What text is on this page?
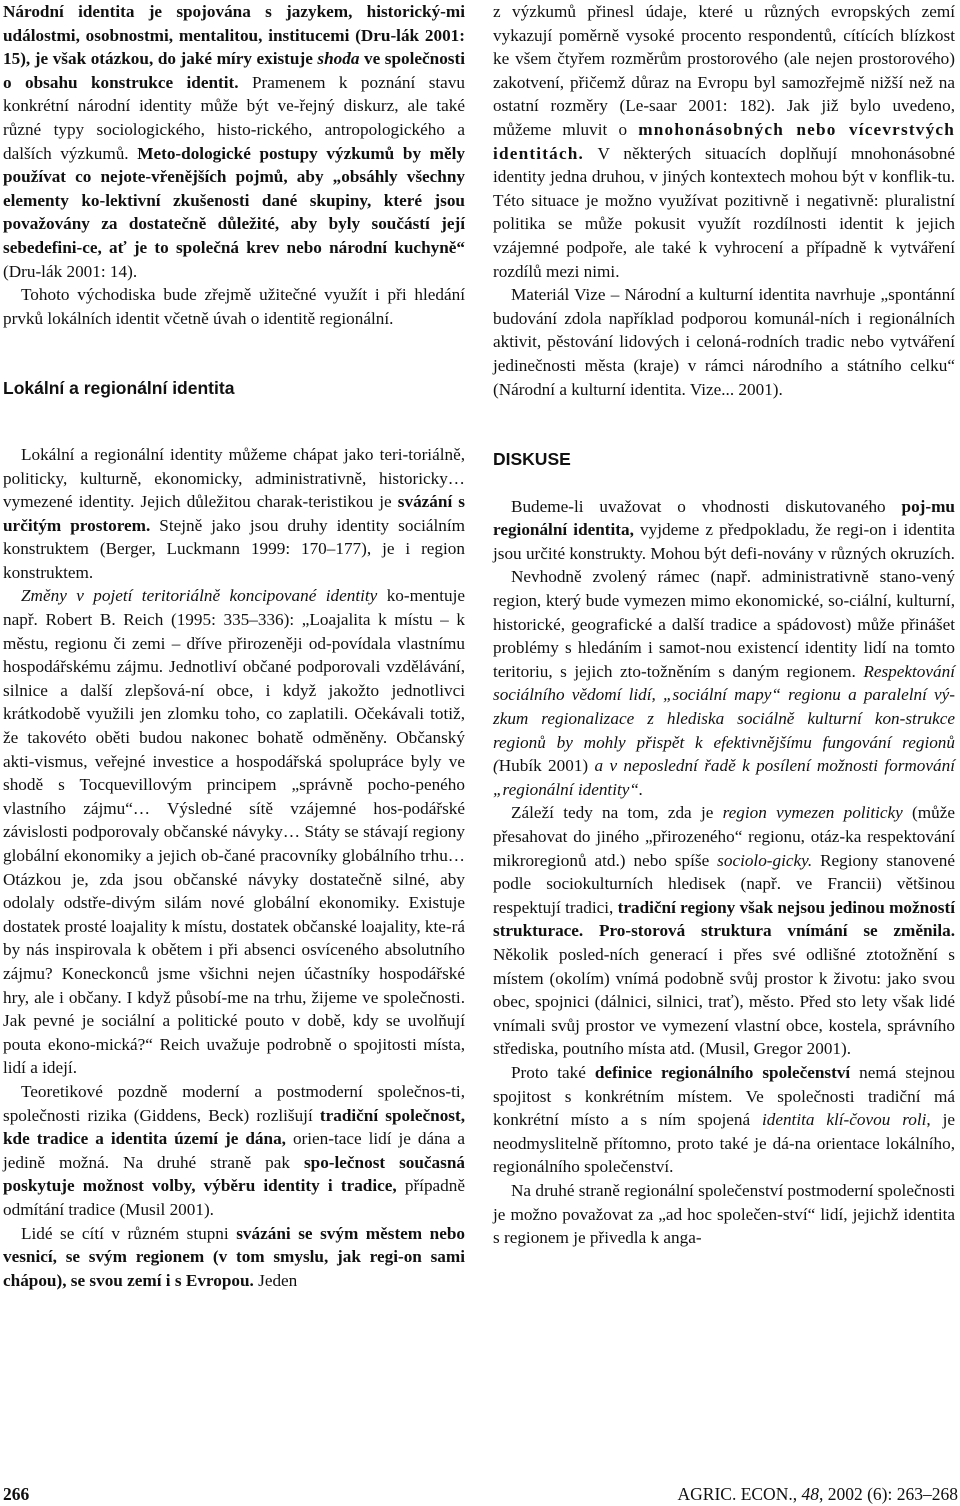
Národní identita je spojována s jazykem, historický-mi událostmi, osobnostmi, mentalitou, institucemi (Dru-lák 2001: 15), je však otázkou, do jaké míry existuje shoda ve společnosti o obsahu konstrukce identit. Pramenem k poznání stavu konkrétní národní identity může být ve-řejný diskurz, ale také různé typy sociologického, histo-rického, antropologického a dalších výzkumů. Meto-dologické postupy výzkumů by měly používat co nejote-vřenějších pojmů, aby „obsáhly všechny elementy ko-lektivní zkušenosti dané skupiny, které jsou považovány za dostatečně důležité, aby byly součástí její sebedefini-ce, ať je to společná krev nebo národní kuchyně“ (Dru-lák 2001: 14).

Tohoto východiska bude zřejmě užitečné využít i při hledání prvků lokálních identit včetně úvah o identitě regionální.

Lokální a regionální identita

Lokální a regionální identity můžeme chápat jako teri-toriálně, politicky, kulturně, ekonomicky, administrativně, historicky… vymezené identity. Jejich důležitou charak-teristikou je svázání s určitým prostorem. Stejně jako jsou druhy identity sociálním konstruktem (Berger, Luckmann 1999: 170–177), je i region konstruktem.

Změny v pojetí teritoriálně koncipované identity ko-mentuje např. Robert B. Reich (1995: 335–336): „Loajalita k místu – k městu, regionu či zemi – dříve přirozeněji od-povídala vlastnímu hospodářskému zájmu. Jednotliví občané podporovali vzdělávání, silnice a další zlepšová-ní obce, i když jakožto jednotlivci krátkodobě využili jen zlomku toho, co zaplatili. Očekávali totiž, že takovéto oběti budou nakonec bohatě odměněny. Občanský akti-vismus, veřejné investice a hospodářská spolupráce byly ve shodě s Tocquevillovým principem „správně pocho-peného vlastního zájmu“… Výsledné sítě vzájemné hos-podářské závislosti podporovaly občanské návyky… Státy se stávají regiony globální ekonomiky a jejich ob-čané pracovníky globálního trhu… Otázkou je, zda jsou občanské návyky dostatečně silné, aby odolaly odstře-divým silám nové globální ekonomiky. Existuje dostatek prosté loajality k místu, dostatek občanské loajality, kte-rá by nás inspirovala k obětem i při absenci osvíceného absolutního zájmu? Koneckonců jsme všichni nejen účastníky hospodářské hry, ale i občany. I když působí-me na trhu, žijeme ve společnosti. Jak pevné je sociální a politické pouto v době, kdy se uvolňují pouta ekono-mická?“ Reich uvažuje podrobně o spojitosti místa, lidí a idejí.

Teoretikové pozdně moderní a postmoderní společnos-ti, společnosti rizika (Giddens, Beck) rozlišují tradiční společnost, kde tradice a identita území je dána, orien-tace lidí je dána a jedině možná. Na druhé straně pak spo-lečnost současná poskytuje možnost volby, výběru identity i tradice, případně odmítání tradice (Musil 2001).

Lidé se cítí v různém stupni svázáni se svým městem nebo vesnicí, se svým regionem (v tom smyslu, jak regi-on sami chápou), se svou zemí i s Evropou. Jeden

z výzkumů přinesl údaje, které u různých evropských zemí vykazují poměrně vysoké procento respondentů, cítících blízkost ke všem čtyřem rozměrům prostorového (ale nejen prostorového) zakotvení, přičemž důraz na Evropu byl samozřejmě nižší než na ostatní rozměry (Le-saar 2001: 182). Jak již bylo uvedeno, můžeme mluvit o mnohonásobných nebo vícevrstvých identitách. V některých situacích doplňují mnohonásobné identity jedna druhou, v jiných kontextech mohou být v konflik-tu. Této situace je možno využívat pozitivně i negativně: pluralistní politika se může pokusit využít rozdílnosti identit k jejich vzájemné podpoře, ale také k vyhrocení a případně k vytváření rozdílů mezi nimi.

Materiál Vize – Národní a kulturní identita navrhuje „spontánní budování zdola například podporou komunál-ních i regionálních aktivit, pěstování lidových i celoná-rodních tradic nebo vytváření jedinečnosti města (kraje) v rámci národního a státního celku“ (Národní a kulturní identita. Vize... 2001).

DISKUSE

Budeme-li uvažovat o vhodnosti diskutovaného poj-mu regionální identita, vyjdeme z předpokladu, že regi-on i identita jsou určité konstrukty. Mohou být defi-novány v různých okruzích.

Nevhodně zvolený rámec (např. administrativně stano-vený region, který bude vymezen mimo ekonomické, so-ciální, kulturní, historické, geografické a další tradice a spádovost) může přinášet problémy s hledáním i samot-nou existencí identity lidí na tomto teritoriu, s jejich zto-tožněním s daným regionem. Respektování sociálního vědomí lidí, „sociální mapy“ regionu a paralelní vý-zkum regionalizace z hlediska sociálně kulturní kon-strukce regionů by mohly přispět k efektivnějšímu fungování regionů (Hubík 2001) a v neposlední řadě k posílení možnosti formování „regionální identity“.

Záleží tedy na tom, zda je region vymezen politicky (může přesahovat do jiného „přirozeného“ regionu, otáz-ka respektování mikroregionů atd.) nebo spíše sociolo-gicky. Regiony stanovené podle sociokulturních hledisek (např. ve Francii) většinou respektují tradici, tradiční regiony však nejsou jedinou možností strukturace. Pro-storová struktura vnímání se změnila. Několik posled-ních generací i přes své odlišné ztotožnění s místem (okolím) vnímá podobně svůj prostor k životu: jako svou obec, spojnici (dálnici, silnici, trať), město. Před sto lety však lidé vnímali svůj prostor ve vymezení vlastní obce, kostela, správního střediska, poutního místa atd. (Musil, Gregor 2001).

Proto také definice regionálního společenství nemá stejnou spojitost s konkrétním místem. Ve společnosti tradiční má konkrétní místo a s ním spojená identita klí-čovou roli, je neodmyslitelně přítomno, proto také je dá-na orientace lokálního, regionálního společenství.

Na druhé straně regionální společenství postmoderní společnosti je možno považovat za „ad hoc společen-ství“ lidí, jejichž identita s regionem je přivedla k anga-

266	AGRIC. ECON., 48, 2002 (6): 263–268
